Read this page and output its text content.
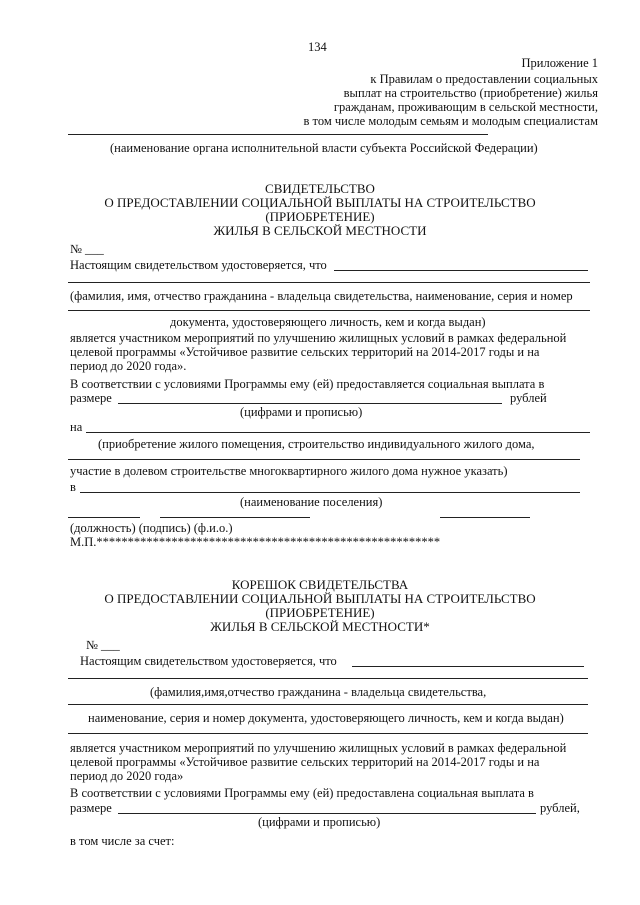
134
Приложение 1
к Правилам о предоставлении социальных
выплат на строительство (приобретение) жилья
гражданам, проживающим в сельской местности,
в том числе молодым семьям и молодым специалистам
(наименование органа исполнительной власти субъекта Российской Федерации)
СВИДЕТЕЛЬСТВО
О ПРЕДОСТАВЛЕНИИ СОЦИАЛЬНОЙ ВЫПЛАТЫ НА СТРОИТЕЛЬСТВО
(ПРИОБРЕТЕНИЕ)
ЖИЛЬЯ В СЕЛЬСКОЙ МЕСТНОСТИ
№ ___
Настоящим свидетельством удостоверяется, что
(фамилия, имя, отчество гражданина - владельца свидетельства, наименование, серия и номер
документа, удостоверяющего личность, кем и когда выдан)
является участником мероприятий по улучшению жилищных условий в рамках федеральной
целевой программы «Устойчивое развитие сельских территорий на 2014-2017 годы и на
период до 2020 года».
В соответствии с условиями Программы ему (ей) предоставляется социальная выплата в
размере	рублей
(цифрами и прописью)
на
(приобретение жилого помещения, строительство индивидуального жилого дома,
участие в долевом строительстве многоквартирного жилого дома нужное указать)
в
(наименование поселения)
(должность) (подпись) (ф.и.о.)
М.П.*******************************************************
КОРЕШОК СВИДЕТЕЛЬСТВА
О ПРЕДОСТАВЛЕНИИ СОЦИАЛЬНОЙ ВЫПЛАТЫ НА СТРОИТЕЛЬСТВО
(ПРИОБРЕТЕНИЕ)
ЖИЛЬЯ В СЕЛЬСКОЙ МЕСТНОСТИ*
№ ___
Настоящим свидетельством удостоверяется, что
(фамилия,имя,отчество гражданина - владельца свидетельства,
наименование, серия и номер документа, удостоверяющего личность, кем и когда выдан)
является участником мероприятий по улучшению жилищных условий в рамках федеральной
целевой программы «Устойчивое развитие сельских территорий на 2014-2017 годы и на
период до 2020 года»
В соответствии с условиями Программы ему (ей) предоставлена социальная выплата в
размере	рублей,
(цифрами и прописью)
в том числе за счет:
